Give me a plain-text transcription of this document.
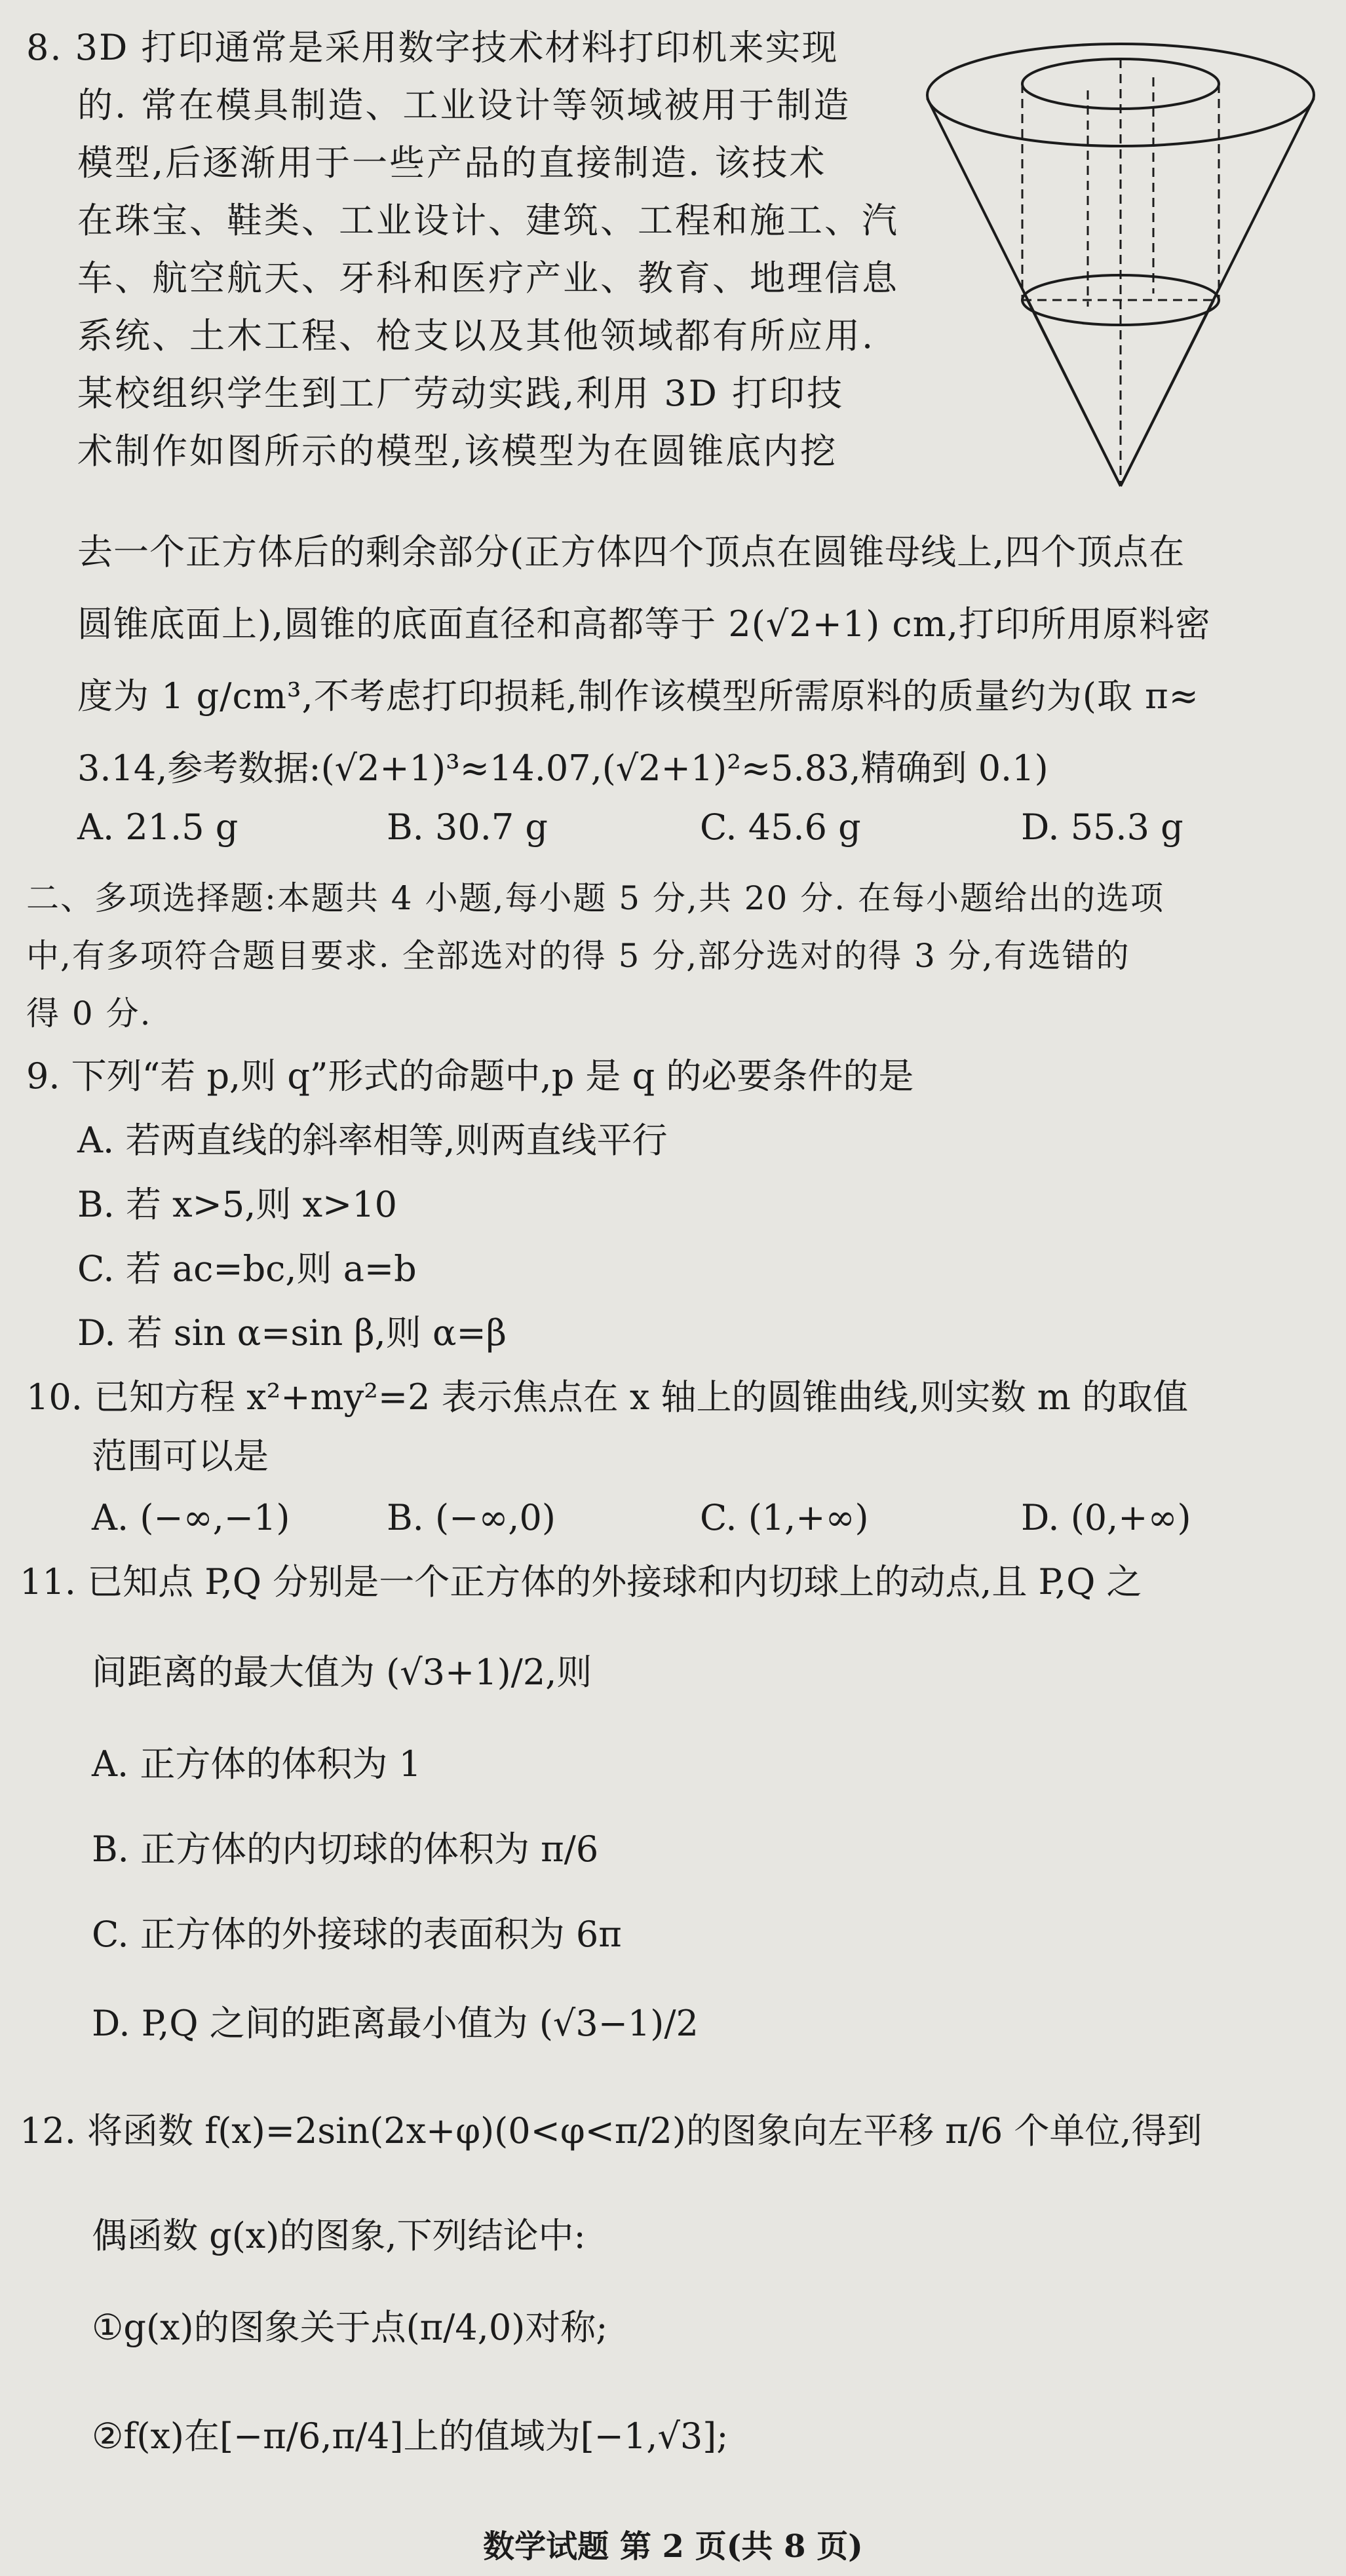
8. 3D 打印通常是采用数字技术材料打印机来实现
的. 常在模具制造、工业设计等领域被用于制造
模型,后逐渐用于一些产品的直接制造. 该技术
在珠宝、鞋类、工业设计、建筑、工程和施工、汽
车、航空航天、牙科和医疗产业、教育、地理信息
系统、土木工程、枪支以及其他领域都有所应用.
某校组织学生到工厂劳动实践,利用 3D 打印技
术制作如图所示的模型,该模型为在圆锥底内挖
去一个正方体后的剩余部分(正方体四个顶点在圆锥母线上,四个顶点在
圆锥底面上),圆锥的底面直径和高都等于 2(√2+1) cm,打印所用原料密
度为 1 g/cm³,不考虑打印损耗,制作该模型所需原料的质量约为(取 π≈
3.14,参考数据:(√2+1)³≈14.07,(√2+1)²≈5.83,精确到 0.1)
A. 21.5 g	B. 30.7 g	C. 45.6 g	D. 55.3 g
二、多项选择题:本题共 4 小题,每小题 5 分,共 20 分. 在每小题给出的选项
中,有多项符合题目要求. 全部选对的得 5 分,部分选对的得 3 分,有选错的
得 0 分.
9. 下列“若 p,则 q”形式的命题中,p 是 q 的必要条件的是
A. 若两直线的斜率相等,则两直线平行
B. 若 x>5,则 x>10
C. 若 ac=bc,则 a=b
D. 若 sin α=sin β,则 α=β
10. 已知方程 x²+my²=2 表示焦点在 x 轴上的圆锥曲线,则实数 m 的取值
范围可以是
A. (−∞,−1)	B. (−∞,0)	C. (1,+∞)	D. (0,+∞)
11. 已知点 P,Q 分别是一个正方体的外接球和内切球上的动点,且 P,Q 之
间距离的最大值为 (√3+1)/2,则
A. 正方体的体积为 1
B. 正方体的内切球的体积为 π/6
C. 正方体的外接球的表面积为 6π
D. P,Q 之间的距离最小值为 (√3−1)/2
12. 将函数 f(x)=2sin(2x+φ)(0<φ<π/2)的图象向左平移 π/6 个单位,得到
偶函数 g(x)的图象,下列结论中:
①g(x)的图象关于点(π/4,0)对称;
②f(x)在[−π/6,π/4]上的值域为[−1,√3];
数学试题 第 2 页(共 8 页)
